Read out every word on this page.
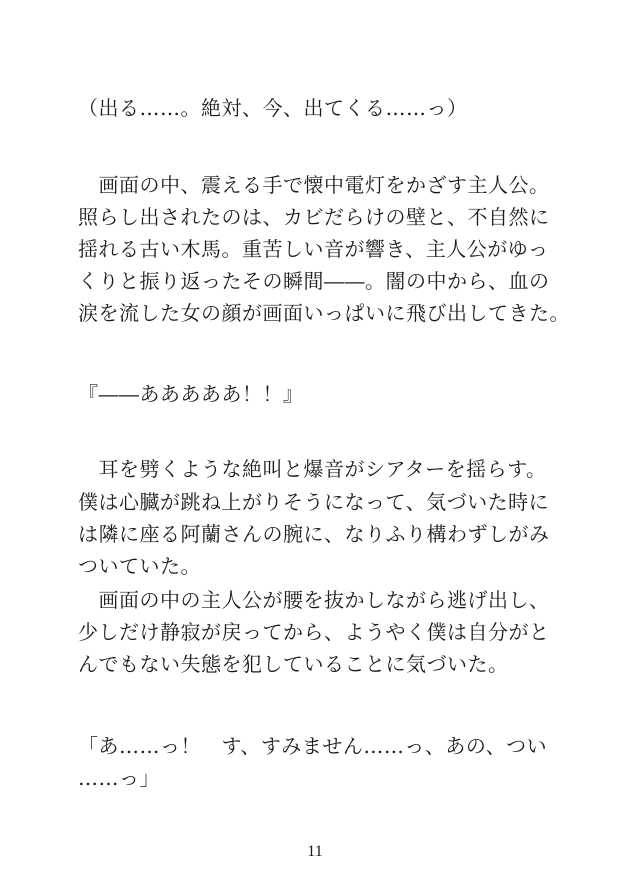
（出る……。絶対、今、出てくる……っ）
　画面の中、震える手で懐中電灯をかざす主人公。
照らし出されたのは、カビだらけの壁と、不自然に
揺れる古い木馬。重苦しい音が響き、主人公がゆっ
くりと振り返ったその瞬間――。闇の中から、血の
涙を流した女の顔が画面いっぱいに飛び出してきた。
『――あああああ！！』
　耳を劈くような絶叫と爆音がシアターを揺らす。
僕は心臓が跳ね上がりそうになって、気づいた時に
は隣に座る阿蘭さんの腕に、なりふり構わずしがみ
ついていた。
　画面の中の主人公が腰を抜かしながら逃げ出し、
少しだけ静寂が戻ってから、ようやく僕は自分がと
んでもない失態を犯していることに気づいた。
「あ……っ！　す、すみません……っ、あの、つい
……っ」
11
